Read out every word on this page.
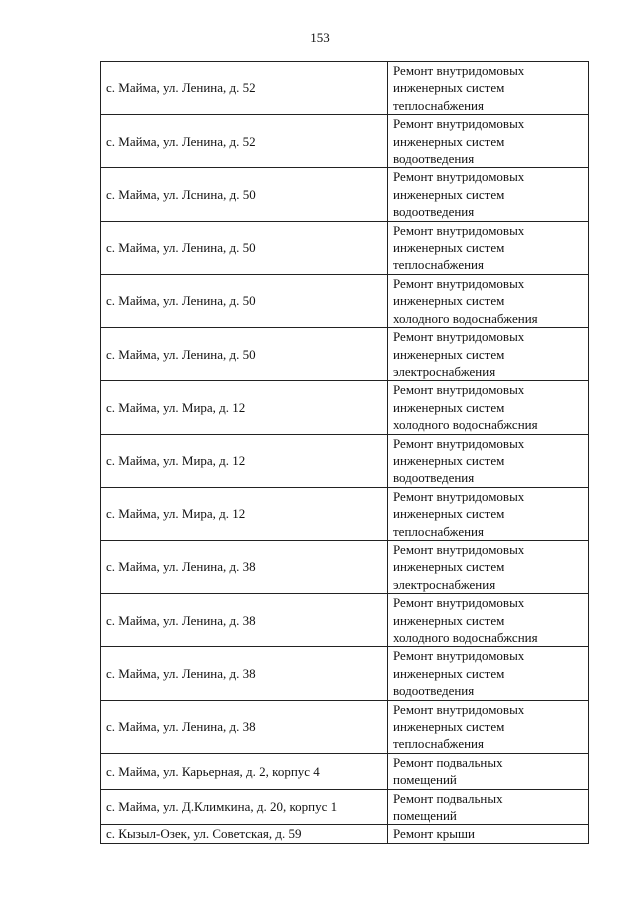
153
с. Майма, ул. Ленина, д. 52	Ремонт внутридомовых
инженерных систем
теплоснабжения
с. Майма, ул. Ленина, д. 52	Ремонт внутридомовых
инженерных систем
водоотведения
с. Майма, ул. Лснина, д. 50	Ремонт внутридомовых
инженерных систем
водоотведения
с. Майма, ул. Ленина, д. 50	Ремонт внутридомовых
инженерных систем
теплоснабжения
с. Майма, ул. Ленина, д. 50	Ремонт внутридомовых
инженерных систем
холодного водоснабжения
с. Майма, ул. Ленина, д. 50	Ремонт внутридомовых
инженерных систем
электроснабжения
с. Майма, ул. Мира, д. 12	Ремонт внутридомовых
инженерных систем
холодного водоснабжсния
с. Майма, ул. Мира, д. 12	Ремонт внутридомовых
инженерных систем
водоотведения
с. Майма, ул. Мира, д. 12	Ремонт внутридомовых
инженерных систем
теплоснабжения
с. Майма, ул. Ленина, д. 38	Ремонт внутридомовых
инженерных систем
электроснабжения
с. Майма, ул. Ленина, д. 38	Ремонт внутридомовых
инженерных систем
холодного водоснабжсния
с. Майма, ул. Ленина, д. 38	Ремонт внутридомовых
инженерных систем
водоотведения
с. Майма, ул. Ленина, д. 38	Ремонт внутридомовых
инженерных систем
теплоснабжения
с. Майма, ул. Карьерная, д. 2, корпус 4	Ремонт подвальных
помещений
с. Майма, ул. Д.Климкина, д. 20, корпус 1	Ремонт подвальных
помещений
с. Кызыл-Озек, ул. Советская, д. 59	Ремонт крыши
